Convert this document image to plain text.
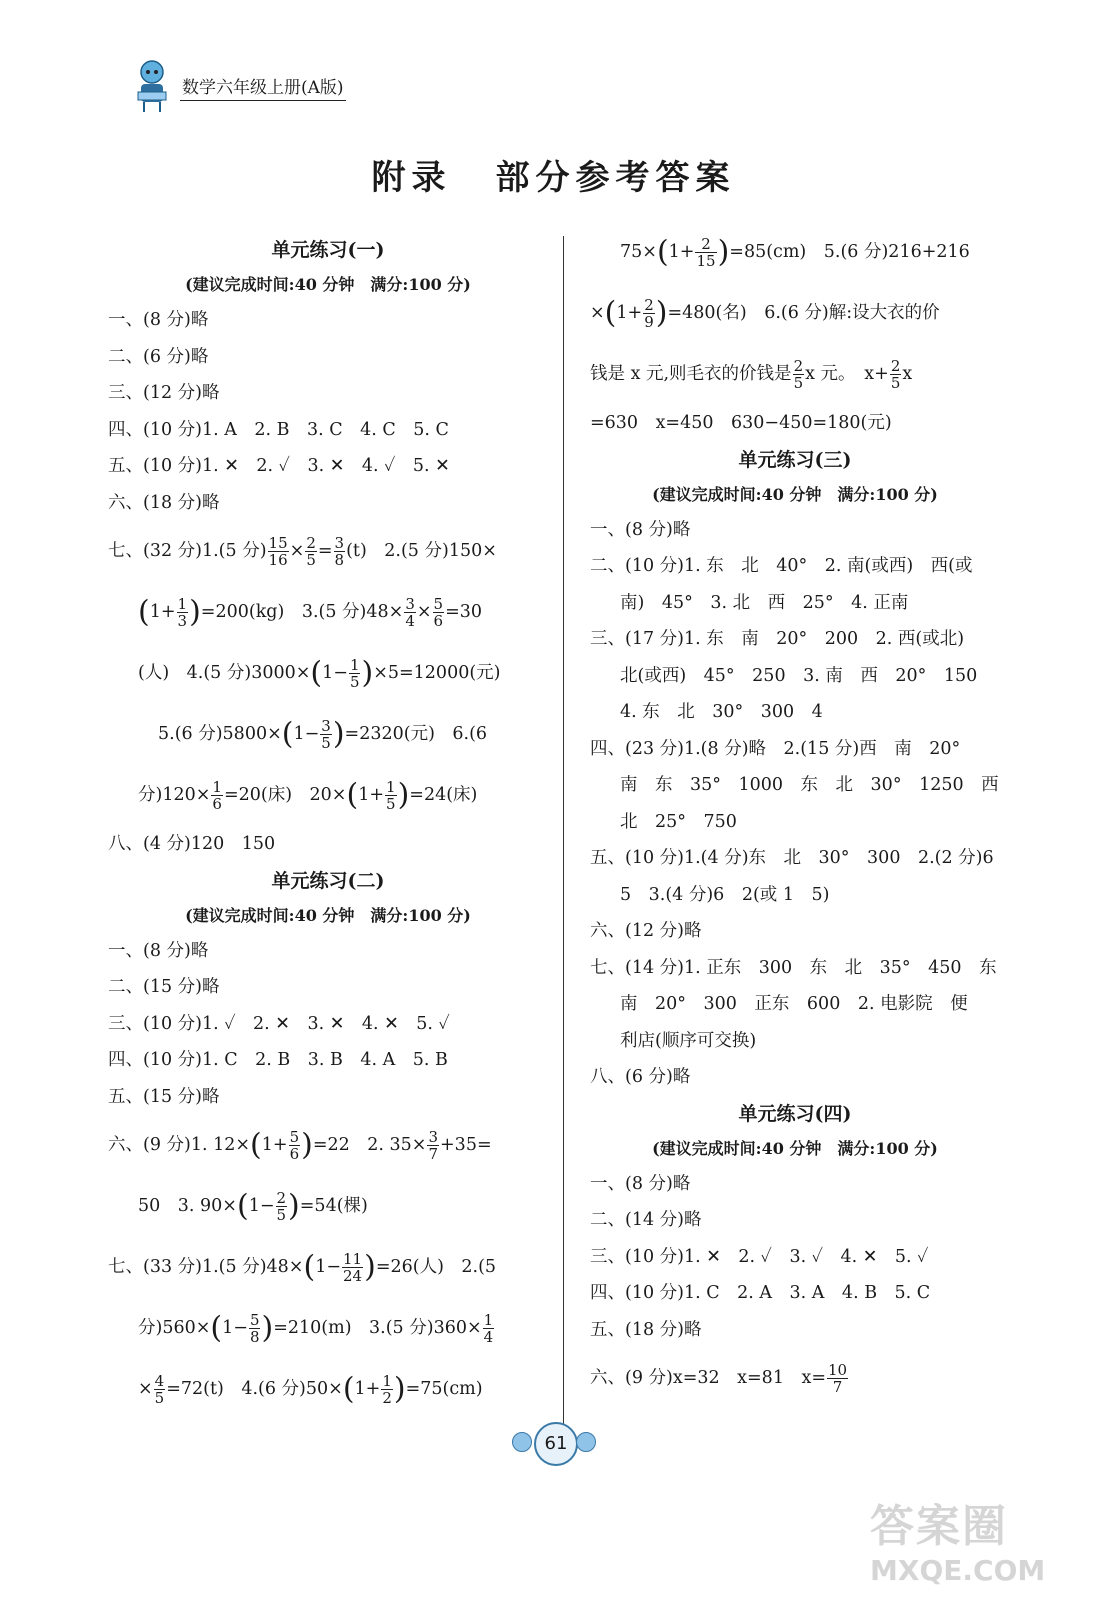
数学六年级上册(A版)
附录 部分参考答案
单元练习(一)
(建议完成时间:40 分钟　满分:100 分)
一、(8 分)略
二、(6 分)略
三、(12 分)略
四、(10 分)1. A　2. B　3. C　4. C　5. C
五、(10 分)1. ✕　2. ✓　3. ✕　4. ✓　5. ✕
六、(18 分)略
七、(32 分)1.(5 分) $\frac{15}{16} \times \frac{2}{5} = \frac{3}{8} (t)$　2.(5 分)150×
$(1+ \frac{1}{3} )=200(kg)$　3.(5 分)$48\times \frac{3}{4} \times \frac{5}{6} =30$
(人)　4.(5 分)$3000\times(1- \frac{1}{5} )\times 5=12000$(元)
5.(6 分)$5800\times(1- \frac{3}{5} )=2320$(元)　6.(6
分)$120\times \frac{1}{6} =20$(床)　$20\times(1+ \frac{1}{5} )=24$(床)
八、(4 分)120　150
单元练习(二)
(建议完成时间:40 分钟　满分:100 分)
一、(8 分)略
二、(15 分)略
三、(10 分)1. ✓　2. ✕　3. ✕　4. ✕　5. ✓
四、(10 分)1. C　2. B　3. B　4. A　5. B
五、(15 分)略
六、(9 分)1. $12\times(1+ \frac{5}{6} )=22$　2. $35\times \frac{3}{7} +35=$
50　3. $90\times(1- \frac{2}{5} )=54$(棵)
七、(33 分)1.(5 分)$48\times(1- \frac{11}{24} )=26$(人)　2.(5
分)$560\times(1- \frac{5}{8} )=210(m)$　3.(5 分)$360\times \frac{1}{4}$
× $\frac{4}{5} =72(t)$　4.(6 分)$50\times(1+ \frac{1}{2} )=75(cm)$
$75\times(1+ \frac{2}{15} )=85(cm)$　5.(6 分)216+216
$\times(1+ \frac{2}{9} )=480$(名)　6.(6 分)解:设大衣的价
钱是 x 元,则毛衣的价钱是 $\frac{2}{5}$ x 元。　$x+ \frac{2}{5}$ x
=630　x=450　630−450=180(元)
单元练习(三)
(建议完成时间:40 分钟　满分:100 分)
一、(8 分)略
二、(10 分)1. 东　北　40°　2. 南(或西)　西(或
南)　45°　3. 北　西　25°　4. 正南
三、(17 分)1. 东　南　20°　200　2. 西(或北)
北(或西)　45°　250　3. 南　西　20°　150
4. 东　北　30°　300　4
四、(23 分)1.(8 分)略　2.(15 分)西　南　20°
南　东　35°　1000　东　北　30°　1250　西
北　25°　750
五、(10 分)1.(4 分)东　北　30°　300　2.(2 分)6
5　3.(4 分)6　2(或 1　5)
六、(12 分)略
七、(14 分)1. 正东　300　东　北　35°　450　东
南　20°　300　正东　600　2. 电影院　便
利店(顺序可交换)
八、(6 分)略
单元练习(四)
(建议完成时间:40 分钟　满分:100 分)
一、(8 分)略
二、(14 分)略
三、(10 分)1. ✕　2. ✓　3. ✓　4. ✕　5. ✓
四、(10 分)1. C　2. A　3. A　4. B　5. C
五、(18 分)略
六、(9 分)x=32　x=81　$x= \frac{10}{7}$
61
答案圈
MXQE.COM
